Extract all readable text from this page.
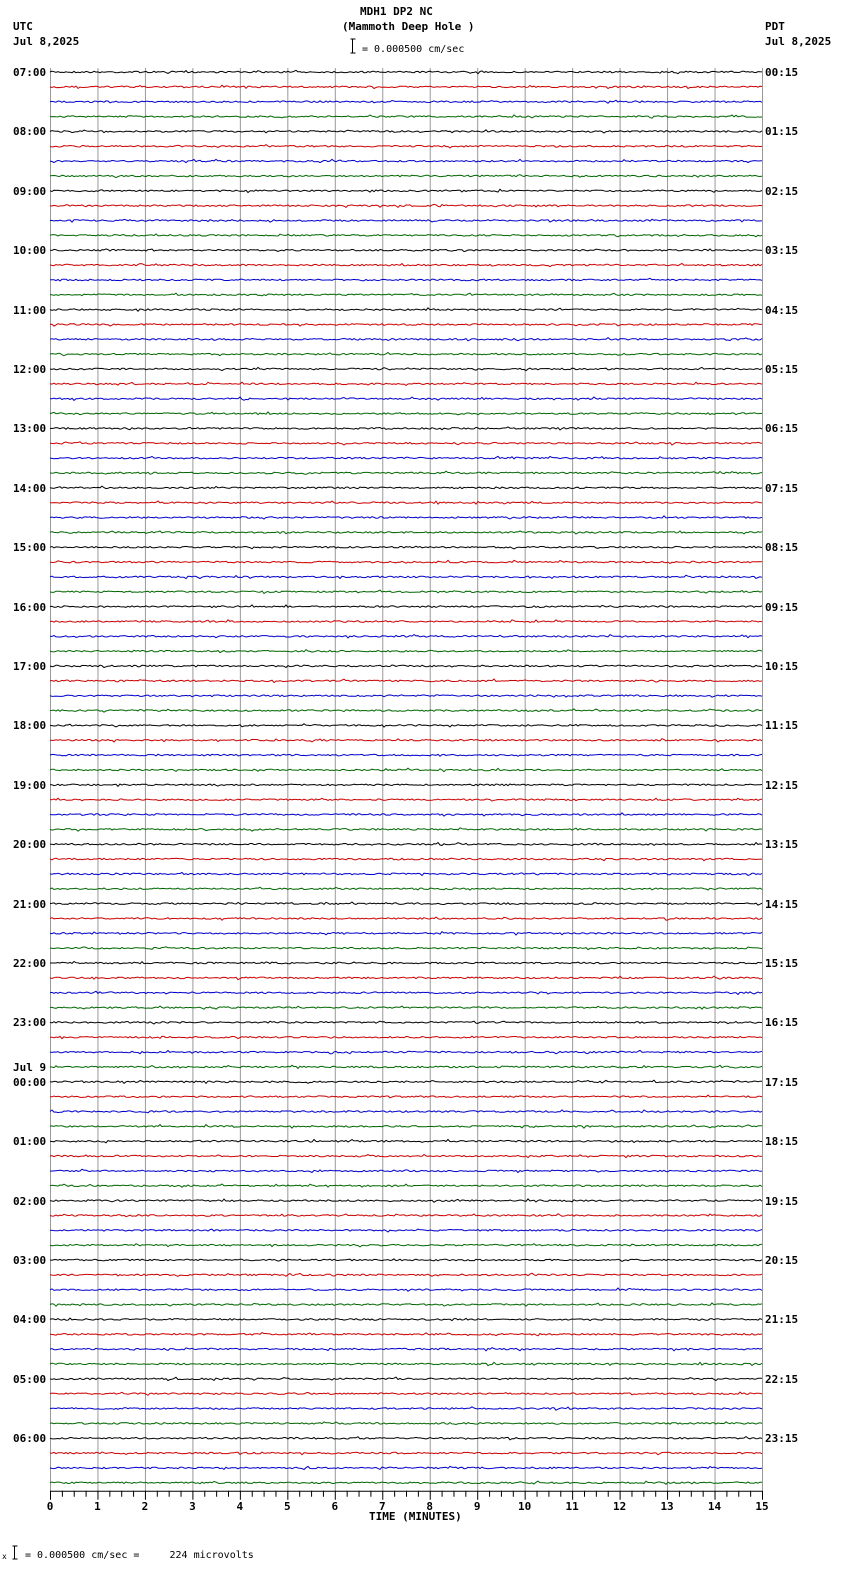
0	1	2	3	4	5	6	7	8	9	10	11	12	13	14	15
MDH1 DP2 NC
(Mammoth Deep Hole )
= 0.000500 cm/sec
UTC
Jul 8,2025
PDT
Jul 8,2025
TIME (MINUTES)
x = 0.000500 cm/sec =     224 microvolts
07:00
08:00
09:00
10:00
11:00
12:00
13:00
14:00
15:00
16:00
17:00
18:00
19:00
20:00
21:00
22:00
23:00
00:00
01:00
02:00
03:00
04:00
05:00
06:00
Jul 9
00:15
01:15
02:15
03:15
04:15
05:15
06:15
07:15
08:15
09:15
10:15
11:15
12:15
13:15
14:15
15:15
16:15
17:15
18:15
19:15
20:15
21:15
22:15
23:15
